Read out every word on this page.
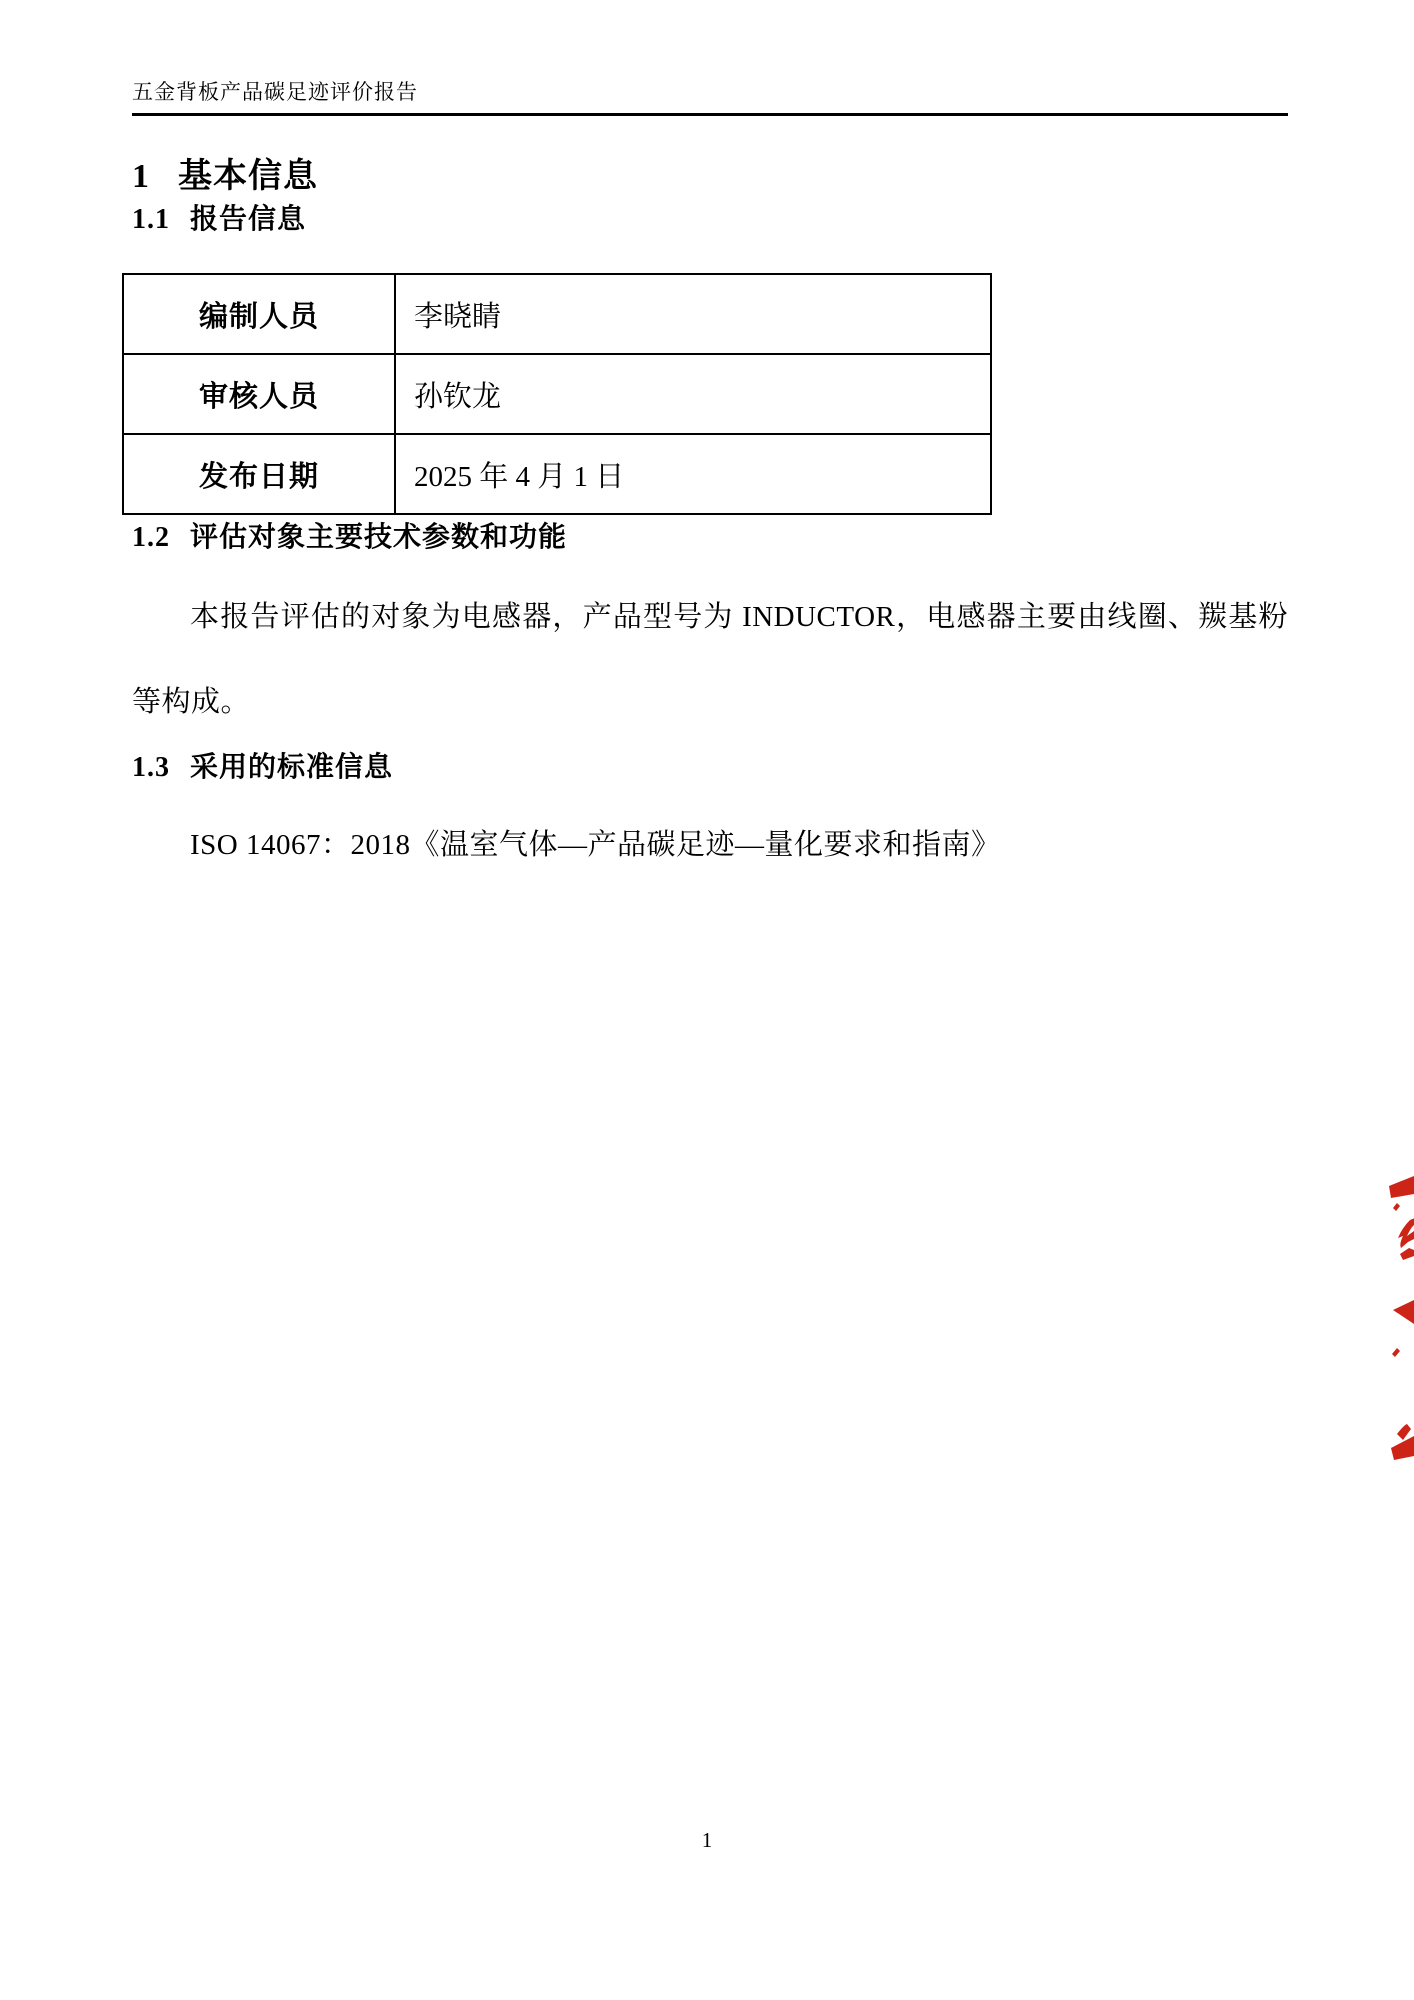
五金背板产品碳足迹评价报告
1 基本信息
1.1 报告信息
编制人员	李晓睛
审核人员	孙钦龙
发布日期	2025 年 4 月 1 日
1.2 评估对象主要技术参数和功能

本报告评估的对象为电感器，产品型号为 INDUCTOR，电感器主要由线圈、羰基粉等构成。

1.3 采用的标准信息

ISO 14067：2018《温室气体—产品碳足迹—量化要求和指南》

1
